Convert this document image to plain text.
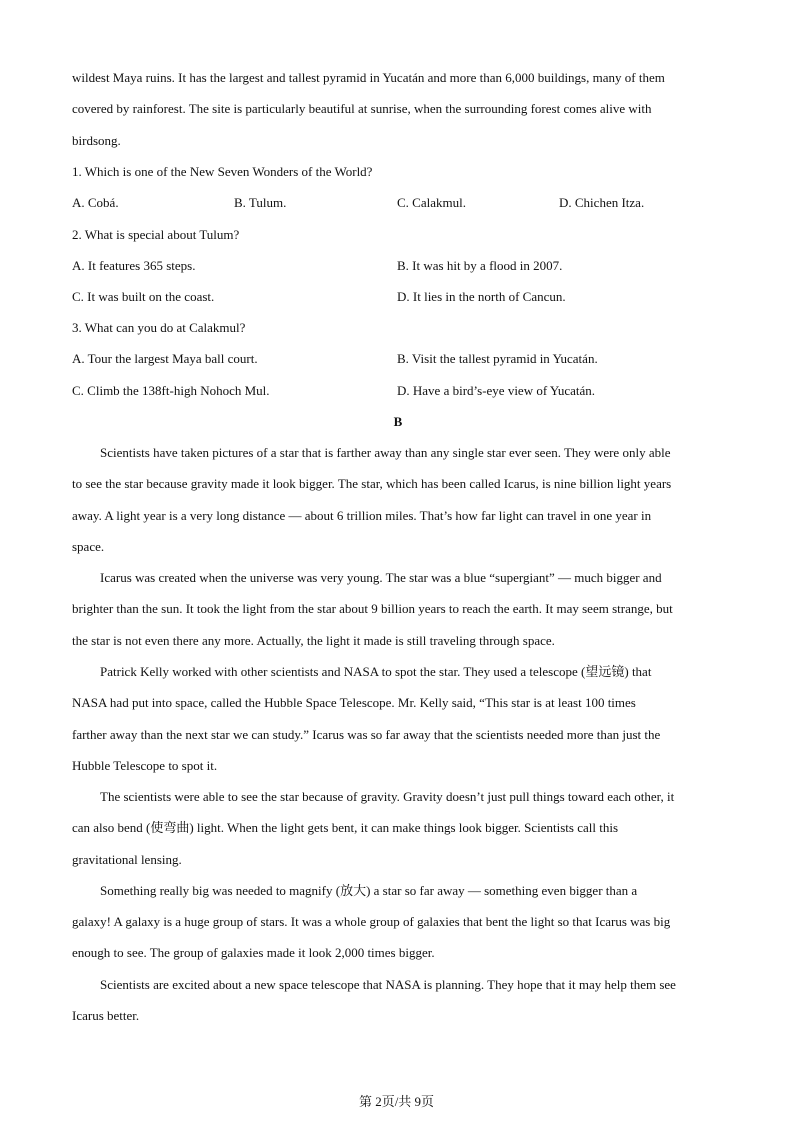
wildest Maya ruins. It has the largest and tallest pyramid in Yucatán and more than 6,000 buildings, many of them
covered by rainforest. The site is particularly beautiful at sunrise, when the surrounding forest comes alive with
birdsong.
1. Which is one of the New Seven Wonders of the World?
A. Cobá.	B. Tulum.	C. Calakmul.	D. Chichen Itza.
2. What is special about Tulum?
A. It features 365 steps.	B. It was hit by a flood in 2007.
C. It was built on the coast.	D. It lies in the north of Cancun.
3. What can you do at Calakmul?
A. Tour the largest Maya ball court.	B. Visit the tallest pyramid in Yucatán.
C. Climb the 138ft-high Nohoch Mul.	D. Have a bird’s-eye view of Yucatán.
B
Scientists have taken pictures of a star that is farther away than any single star ever seen. They were only able
to see the star because gravity made it look bigger. The star, which has been called Icarus, is nine billion light years
away. A light year is a very long distance — about 6 trillion miles. That’s how far light can travel in one year in
space.
Icarus was created when the universe was very young. The star was a blue “supergiant” — much bigger and
brighter than the sun. It took the light from the star about 9 billion years to reach the earth. It may seem strange, but
the star is not even there any more. Actually, the light it made is still traveling through space.
Patrick Kelly worked with other scientists and NASA to spot the star. They used a telescope (望远镜) that
NASA had put into space, called the Hubble Space Telescope. Mr. Kelly said, “This star is at least 100 times
farther away than the next star we can study.” Icarus was so far away that the scientists needed more than just the
Hubble Telescope to spot it.
The scientists were able to see the star because of gravity. Gravity doesn’t just pull things toward each other, it
can also bend (使弯曲) light. When the light gets bent, it can make things look bigger. Scientists call this
gravitational lensing.
Something really big was needed to magnify (放大) a star so far away — something even bigger than a
galaxy! A galaxy is a huge group of stars. It was a whole group of galaxies that bent the light so that Icarus was big
enough to see. The group of galaxies made it look 2,000 times bigger.
Scientists are excited about a new space telescope that NASA is planning. They hope that it may help them see
Icarus better.
第 2页/共 9页
